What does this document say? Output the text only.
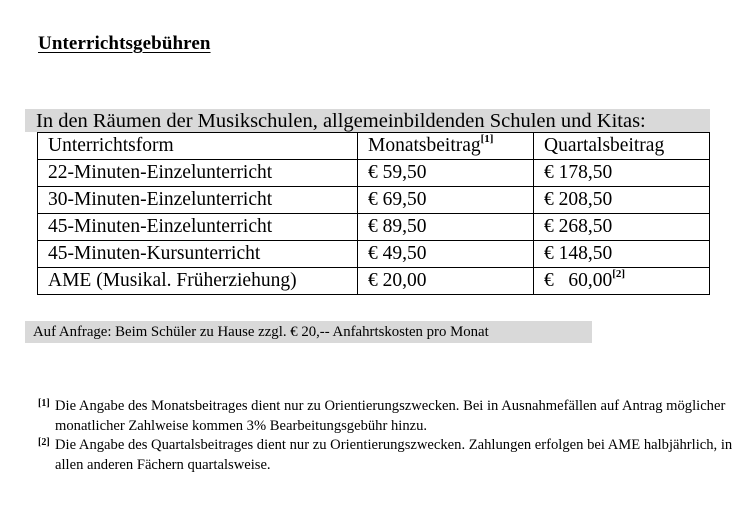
Unterrichtsgebühren
In den Räumen der Musikschulen, allgemeinbildenden Schulen und Kitas:
Unterrichtsform	Monatsbeitrag[1]	Quartalsbeitrag
22-Minuten-Einzelunterricht	€ 59,50	€ 178,50
30-Minuten-Einzelunterricht	€ 69,50	€ 208,50
45-Minuten-Einzelunterricht	€ 89,50	€ 268,50
45-Minuten-Kursunterricht	€ 49,50	€ 148,50
AME (Musikal. Früherziehung)	€ 20,00	€   60,00[2]
Auf Anfrage: Beim Schüler zu Hause zzgl. € 20,-- Anfahrtskosten pro Monat
[1] Die Angabe des Monatsbeitrages dient nur zu Orientierungszwecken. Bei in Ausnahmefällen auf Antrag möglicher monatlicher Zahlweise kommen 3% Bearbeitungsgebühr hinzu.
[2] Die Angabe des Quartalsbeitrages dient nur zu Orientierungszwecken. Zahlungen erfolgen bei AME halbjährlich, in allen anderen Fächern quartalsweise.
